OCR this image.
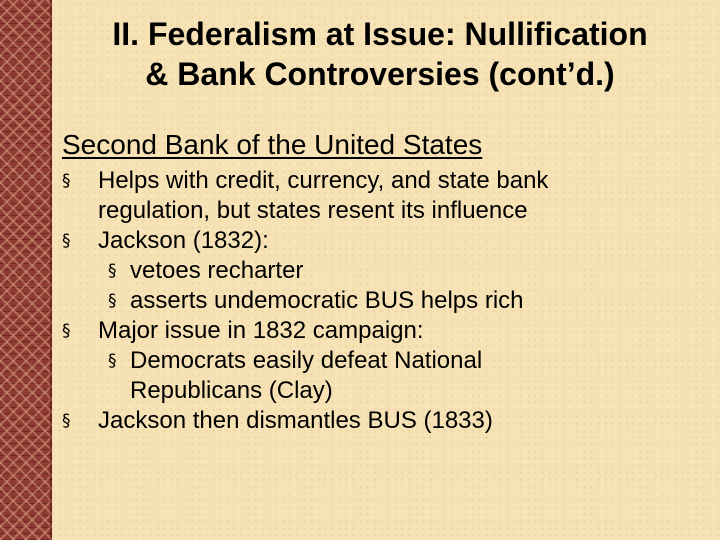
II. Federalism at Issue: Nullification
& Bank Controversies (cont’d.)
Second Bank of the United States
§ Helps with credit, currency, and state bank
regulation, but states resent its influence
§ Jackson (1832):
§ vetoes recharter
§ asserts undemocratic BUS helps rich
§ Major issue in 1832 campaign:
§ Democrats easily defeat National
Republicans (Clay)
§ Jackson then dismantles BUS (1833)
